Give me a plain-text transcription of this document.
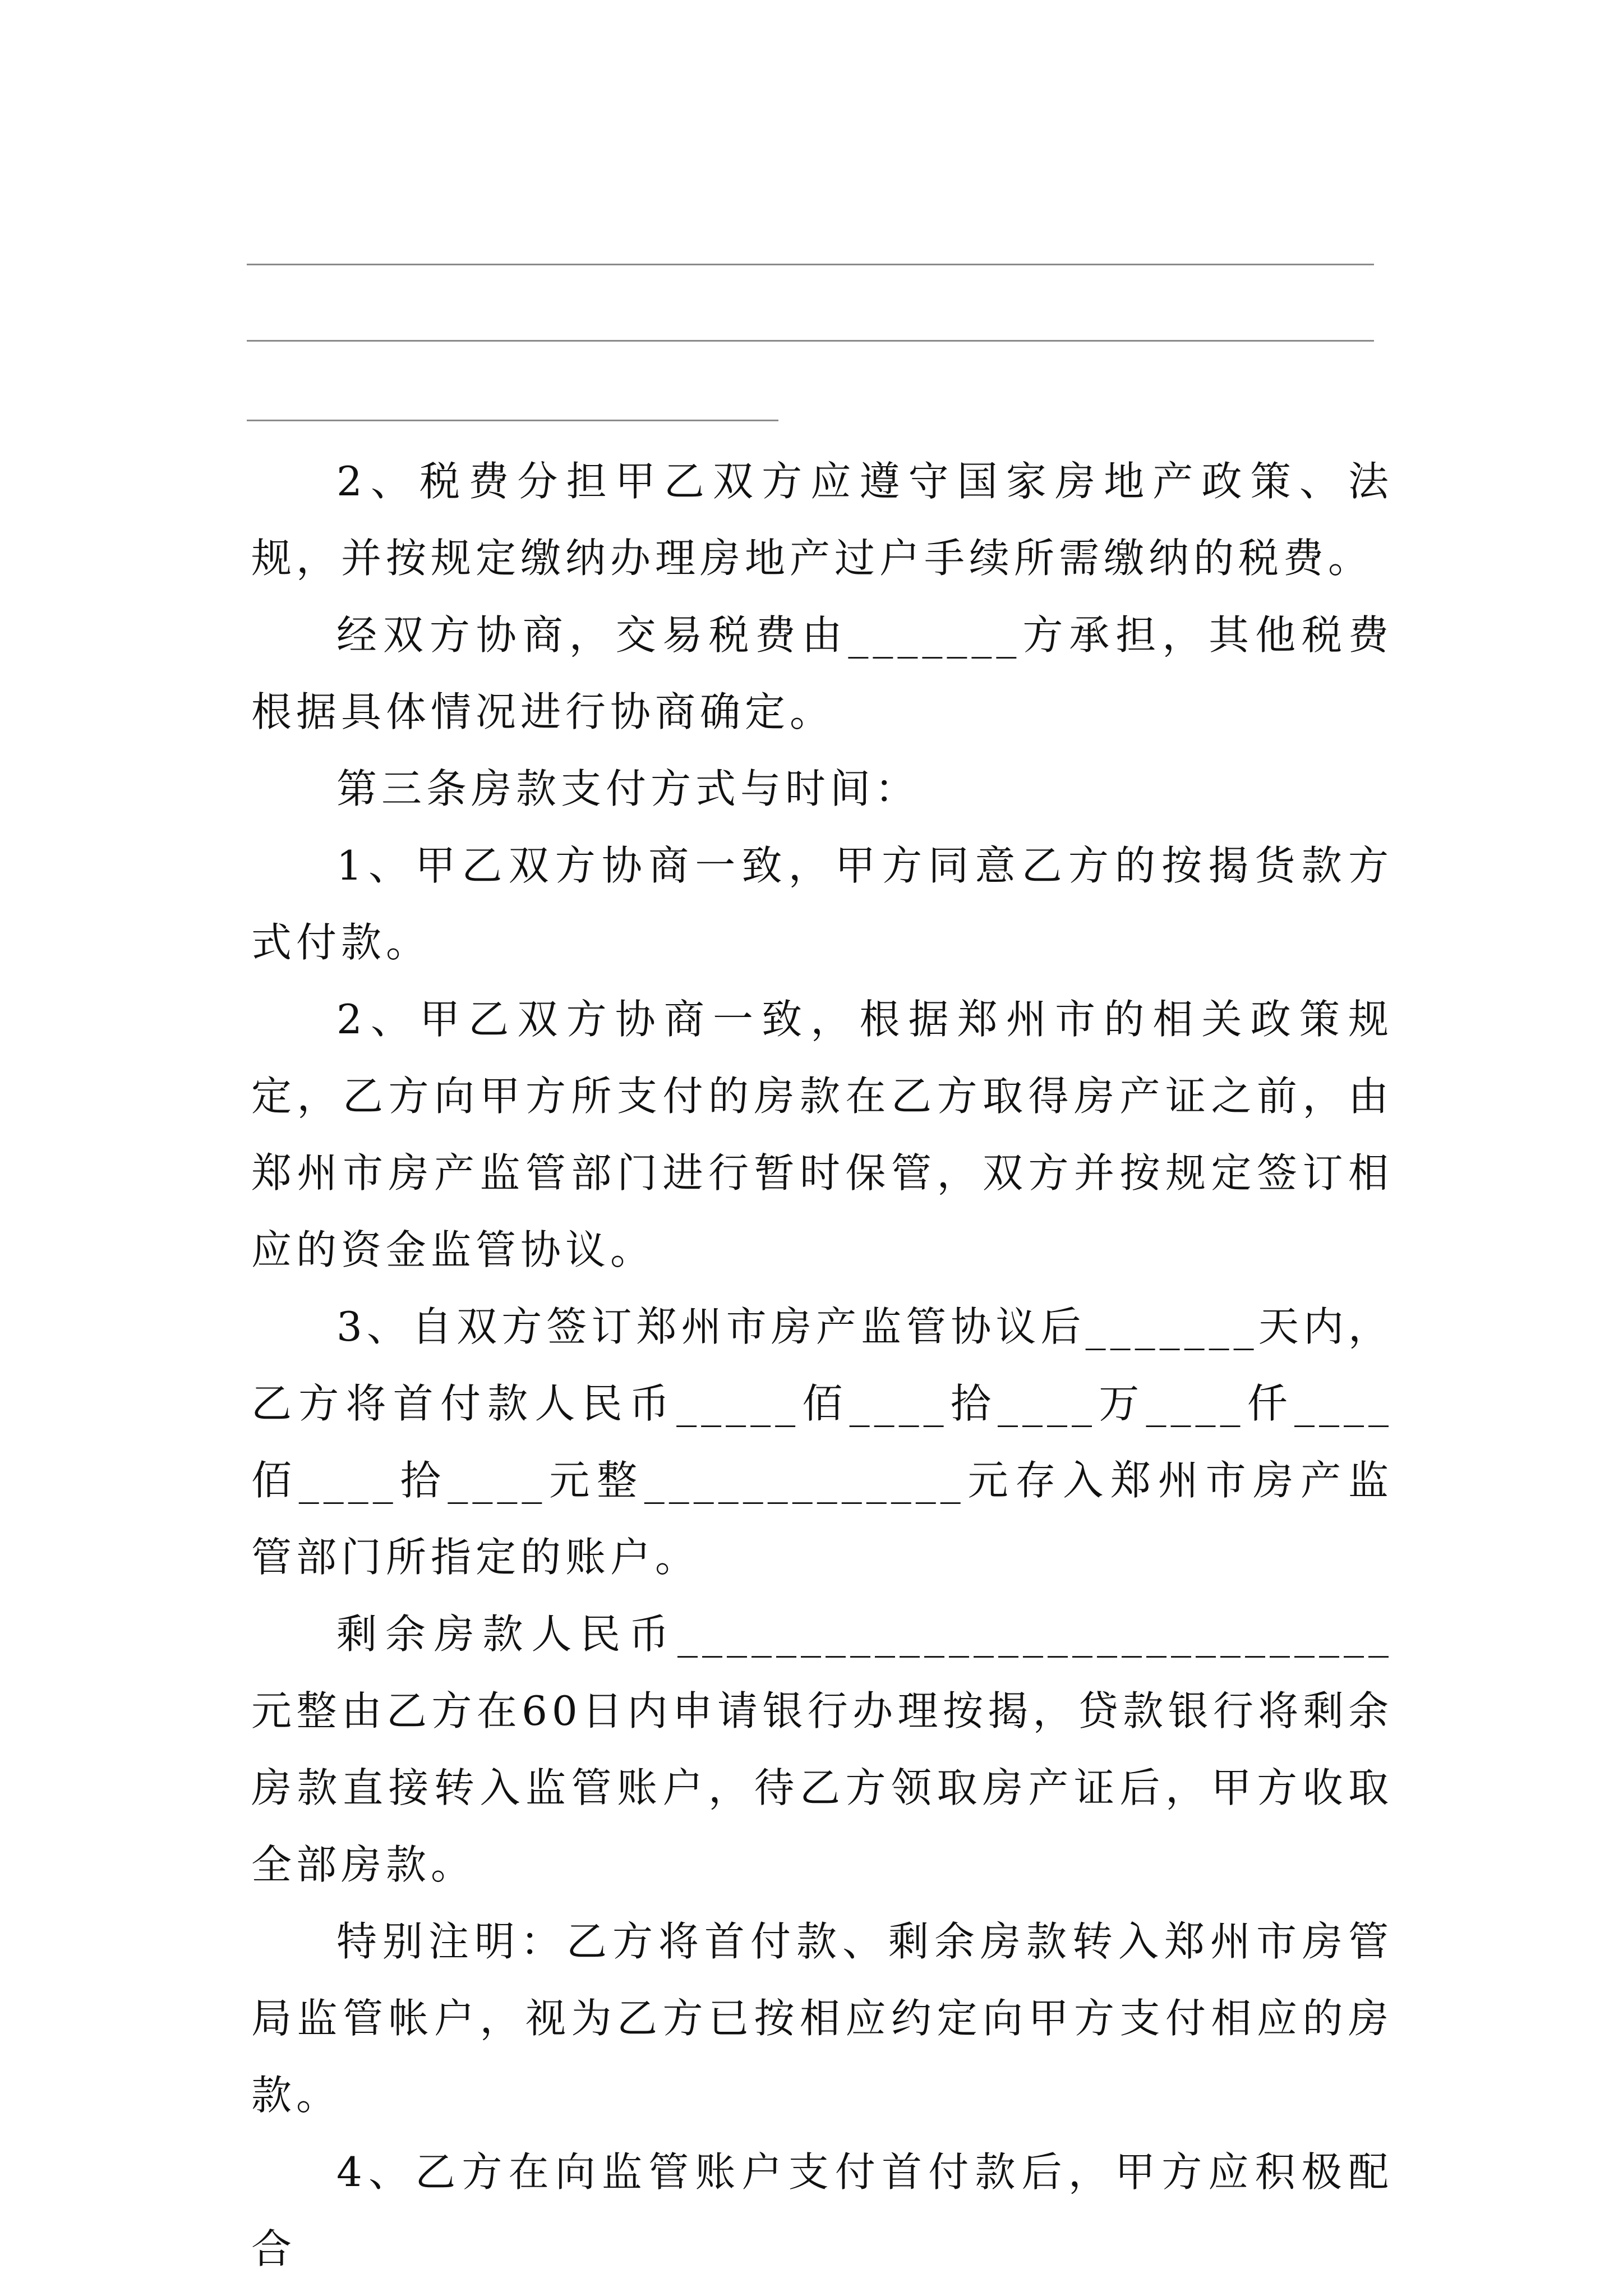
2、税费分担甲乙双方应遵守国家房地产政策、法规，并按规定缴纳办理房地产过户手续所需缴纳的税费。

经双方协商，交易税费由_______方承担，其他税费根据具体情况进行协商确定。

第三条房款支付方式与时间：

1、甲乙双方协商一致，甲方同意乙方的按揭货款方式付款。

2、甲乙双方协商一致，根据郑州市的相关政策规定，乙方向甲方所支付的房款在乙方取得房产证之前，由郑州市房产监管部门进行暂时保管，双方并按规定签订相应的资金监管协议。

3、自双方签订郑州市房产监管协议后_______天内，乙方将首付款人民币_____佰____拾____万____仟____佰____拾____元整_____________元存入郑州市房产监管部门所指定的账户。

剩余房款人民币_____________________________元整由乙方在60日内申请银行办理按揭，贷款银行将剩余房款直接转入监管账户，待乙方领取房产证后，甲方收取全部房款。

特别注明：乙方将首付款、剩余房款转入郑州市房管局监管帐户，视为乙方已按相应约定向甲方支付相应的房款。

4、乙方在向监管账户支付首付款后，甲方应积极配合
